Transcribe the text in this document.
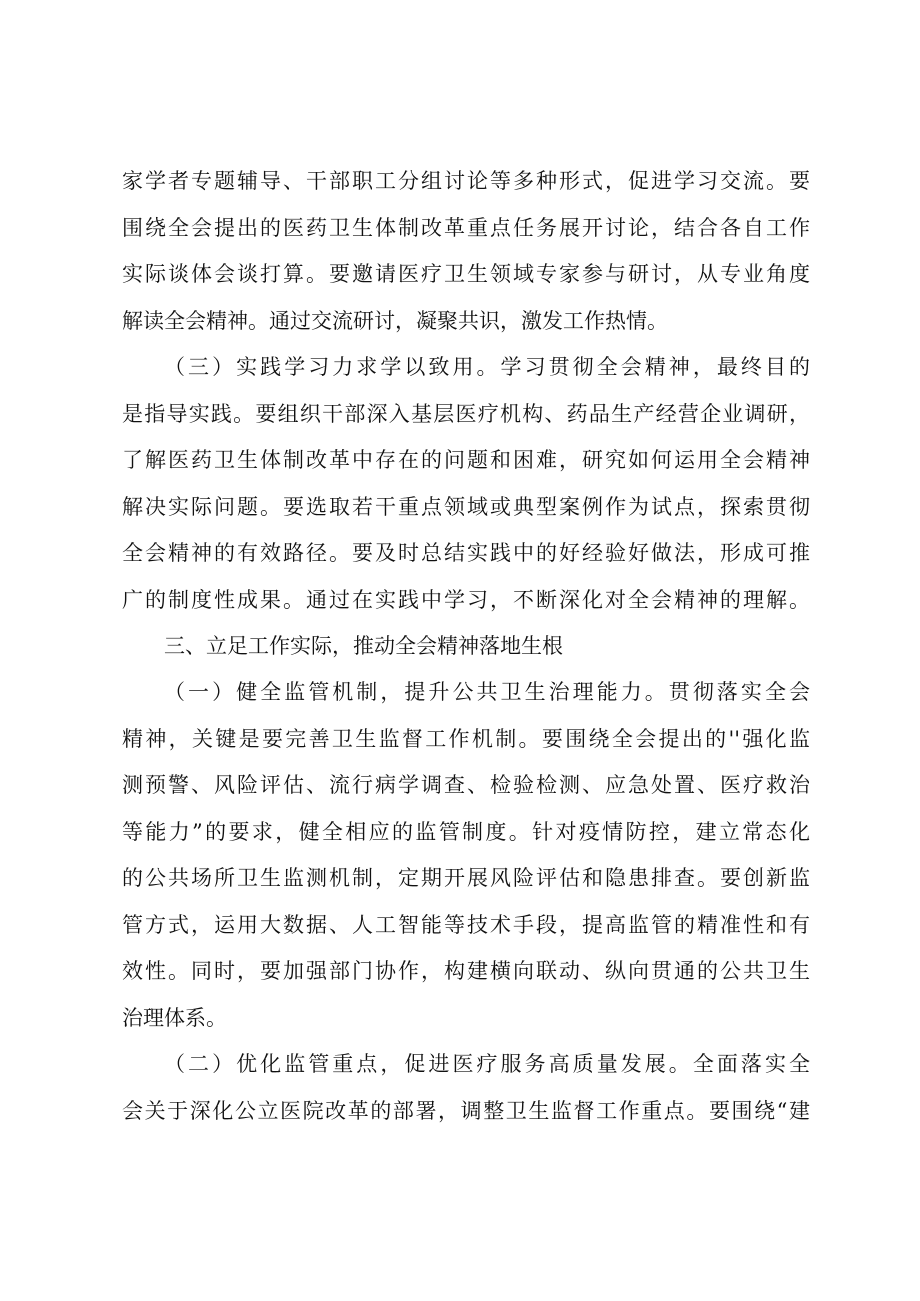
家学者专题辅导、干部职工分组讨论等多种形式，促进学习交流。要
围绕全会提出的医药卫生体制改革重点任务展开讨论，结合各自工作
实际谈体会谈打算。要邀请医疗卫生领域专家参与研讨，从专业角度
解读全会精神。通过交流研讨，凝聚共识，激发工作热情。
（三）实践学习力求学以致用。学习贯彻全会精神，最终目的
是指导实践。要组织干部深入基层医疗机构、药品生产经营企业调研，
了解医药卫生体制改革中存在的问题和困难，研究如何运用全会精神
解决实际问题。要选取若干重点领域或典型案例作为试点，探索贯彻
全会精神的有效路径。要及时总结实践中的好经验好做法，形成可推
广的制度性成果。通过在实践中学习，不断深化对全会精神的理解。
三、立足工作实际，推动全会精神落地生根
（一）健全监管机制，提升公共卫生治理能力。贯彻落实全会
精神，关键是要完善卫生监督工作机制。要围绕全会提出的''强化监
测预警、风险评估、流行病学调查、检验检测、应急处置、医疗救治
等能力”的要求，健全相应的监管制度。针对疫情防控，建立常态化
的公共场所卫生监测机制，定期开展风险评估和隐患排查。要创新监
管方式，运用大数据、人工智能等技术手段，提高监管的精准性和有
效性。同时，要加强部门协作，构建横向联动、纵向贯通的公共卫生
治理体系。
（二）优化监管重点，促进医疗服务高质量发展。全面落实全
会关于深化公立医院改革的部署，调整卫生监督工作重点。要围绕“建
